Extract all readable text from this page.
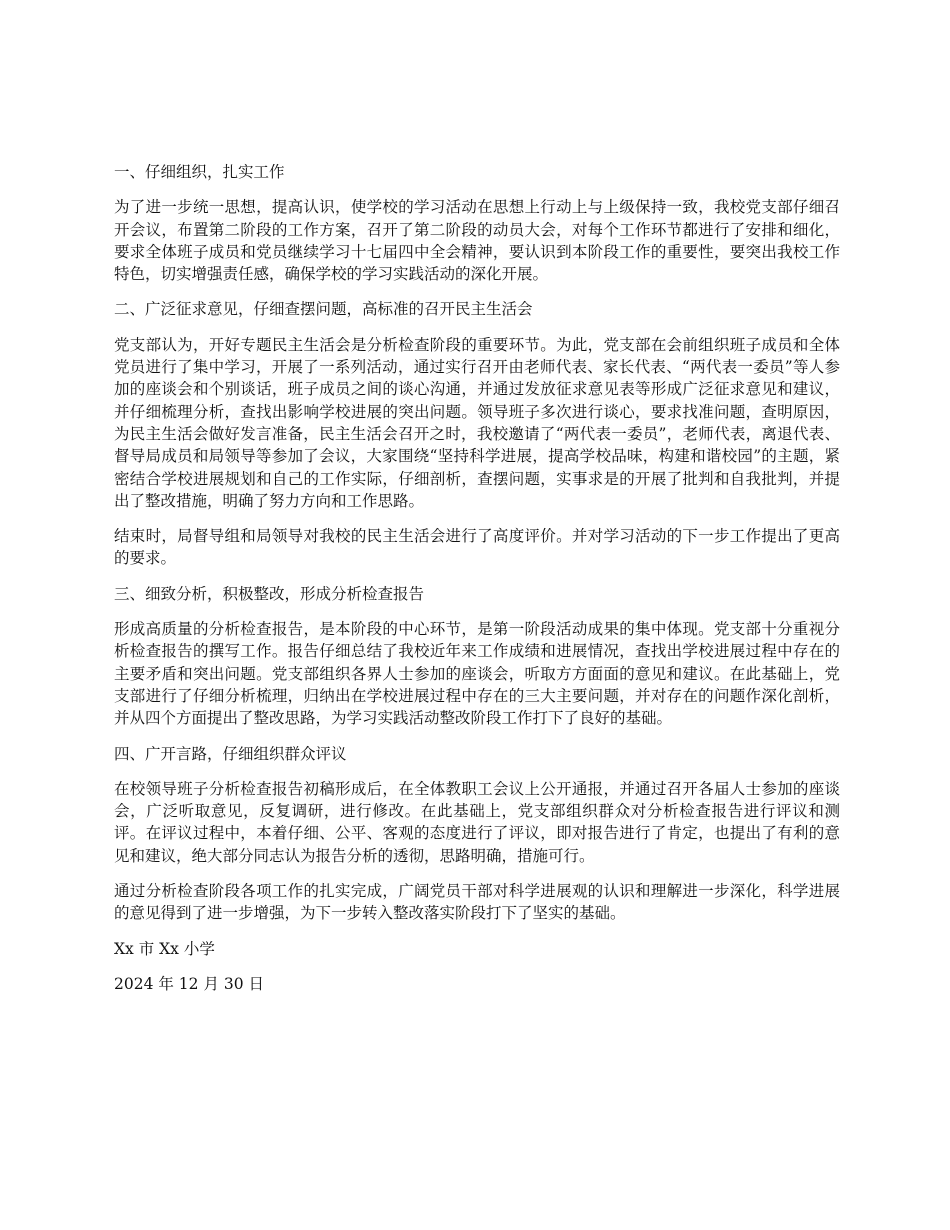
一、仔细组织，扎实工作

为了进一步统一思想，提高认识，使学校的学习活动在思想上行动上与上级保持一致，我校党支部仔细召开会议，布置第二阶段的工作方案，召开了第二阶段的动员大会，对每个工作环节都进行了安排和细化，要求全体班子成员和党员继续学习十七届四中全会精神，要认识到本阶段工作的重要性，要突出我校工作特色，切实增强责任感，确保学校的学习实践活动的深化开展。

二、广泛征求意见，仔细查摆问题，高标准的召开民主生活会

党支部认为，开好专题民主生活会是分析检查阶段的重要环节。为此，党支部在会前组织班子成员和全体党员进行了集中学习，开展了一系列活动，通过实行召开由老师代表、家长代表、“两代表一委员”等人参加的座谈会和个别谈话，班子成员之间的谈心沟通，并通过发放征求意见表等形成广泛征求意见和建议，并仔细梳理分析，查找出影响学校进展的突出问题。领导班子多次进行谈心，要求找准问题，查明原因，为民主生活会做好发言准备，民主生活会召开之时，我校邀请了“两代表一委员”，老师代表，离退代表、督导局成员和局领导等参加了会议，大家围绕“坚持科学进展，提高学校品味，构建和谐校园”的主题，紧密结合学校进展规划和自己的工作实际，仔细剖析，查摆问题，实事求是的开展了批判和自我批判，并提出了整改措施，明确了努力方向和工作思路。

结束时，局督导组和局领导对我校的民主生活会进行了高度评价。并对学习活动的下一步工作提出了更高的要求。

三、细致分析，积极整改，形成分析检查报告

形成高质量的分析检查报告，是本阶段的中心环节，是第一阶段活动成果的集中体现。党支部十分重视分析检查报告的撰写工作。报告仔细总结了我校近年来工作成绩和进展情况，查找出学校进展过程中存在的主要矛盾和突出问题。党支部组织各界人士参加的座谈会，听取方方面面的意见和建议。在此基础上，党支部进行了仔细分析梳理，归纳出在学校进展过程中存在的三大主要问题，并对存在的问题作深化剖析，并从四个方面提出了整改思路，为学习实践活动整改阶段工作打下了良好的基础。

四、广开言路，仔细组织群众评议

在校领导班子分析检查报告初稿形成后，在全体教职工会议上公开通报，并通过召开各届人士参加的座谈会，广泛听取意见，反复调研，进行修改。在此基础上，党支部组织群众对分析检查报告进行评议和测评。在评议过程中，本着仔细、公平、客观的态度进行了评议，即对报告进行了肯定，也提出了有利的意见和建议，绝大部分同志认为报告分析的透彻，思路明确，措施可行。

通过分析检查阶段各项工作的扎实完成，广阔党员干部对科学进展观的认识和理解进一步深化，科学进展的意见得到了进一步增强，为下一步转入整改落实阶段打下了坚实的基础。

Xx 市 Xx 小学

2024 年 12 月 30 日
